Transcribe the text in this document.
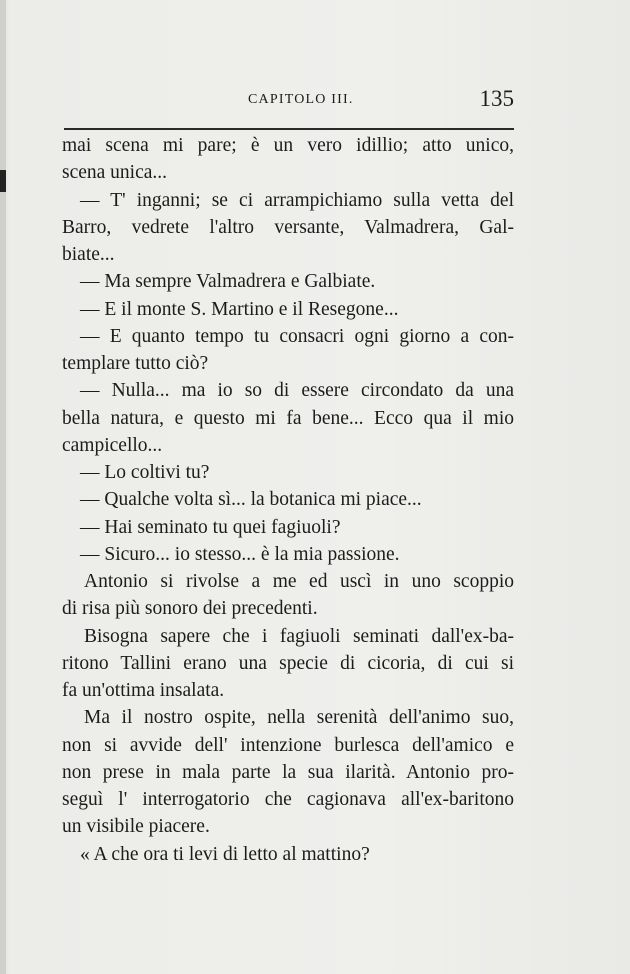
CAPITOLO III.	135
mai scena mi pare; è un vero idillio; atto unico,
scena unica...
— T' inganni; se ci arrampichiamo sulla vetta del
Barro, vedrete l'altro versante, Valmadrera, Gal-
biate...
— Ma sempre Valmadrera e Galbiate.
— E il monte S. Martino e il Resegone...
— E quanto tempo tu consacri ogni giorno a con-
templare tutto ciò?
— Nulla... ma io so di essere circondato da una
bella natura, e questo mi fa bene... Ecco qua il mio
campicello...
— Lo coltivi tu?
— Qualche volta sì... la botanica mi piace...
— Hai seminato tu quei fagiuoli?
— Sicuro... io stesso... è la mia passione.
Antonio si rivolse a me ed uscì in uno scoppio
di risa più sonoro dei precedenti.
Bisogna sapere che i fagiuoli seminati dall'ex-ba-
ritono Tallini erano una specie di cicoria, di cui si
fa un'ottima insalata.
Ma il nostro ospite, nella serenità dell'animo suo,
non si avvide dell' intenzione burlesca dell'amico e
non prese in mala parte la sua ilarità. Antonio pro-
seguì l' interrogatorio che cagionava all'ex-baritono
un visibile piacere.
« A che ora ti levi di letto al mattino?
